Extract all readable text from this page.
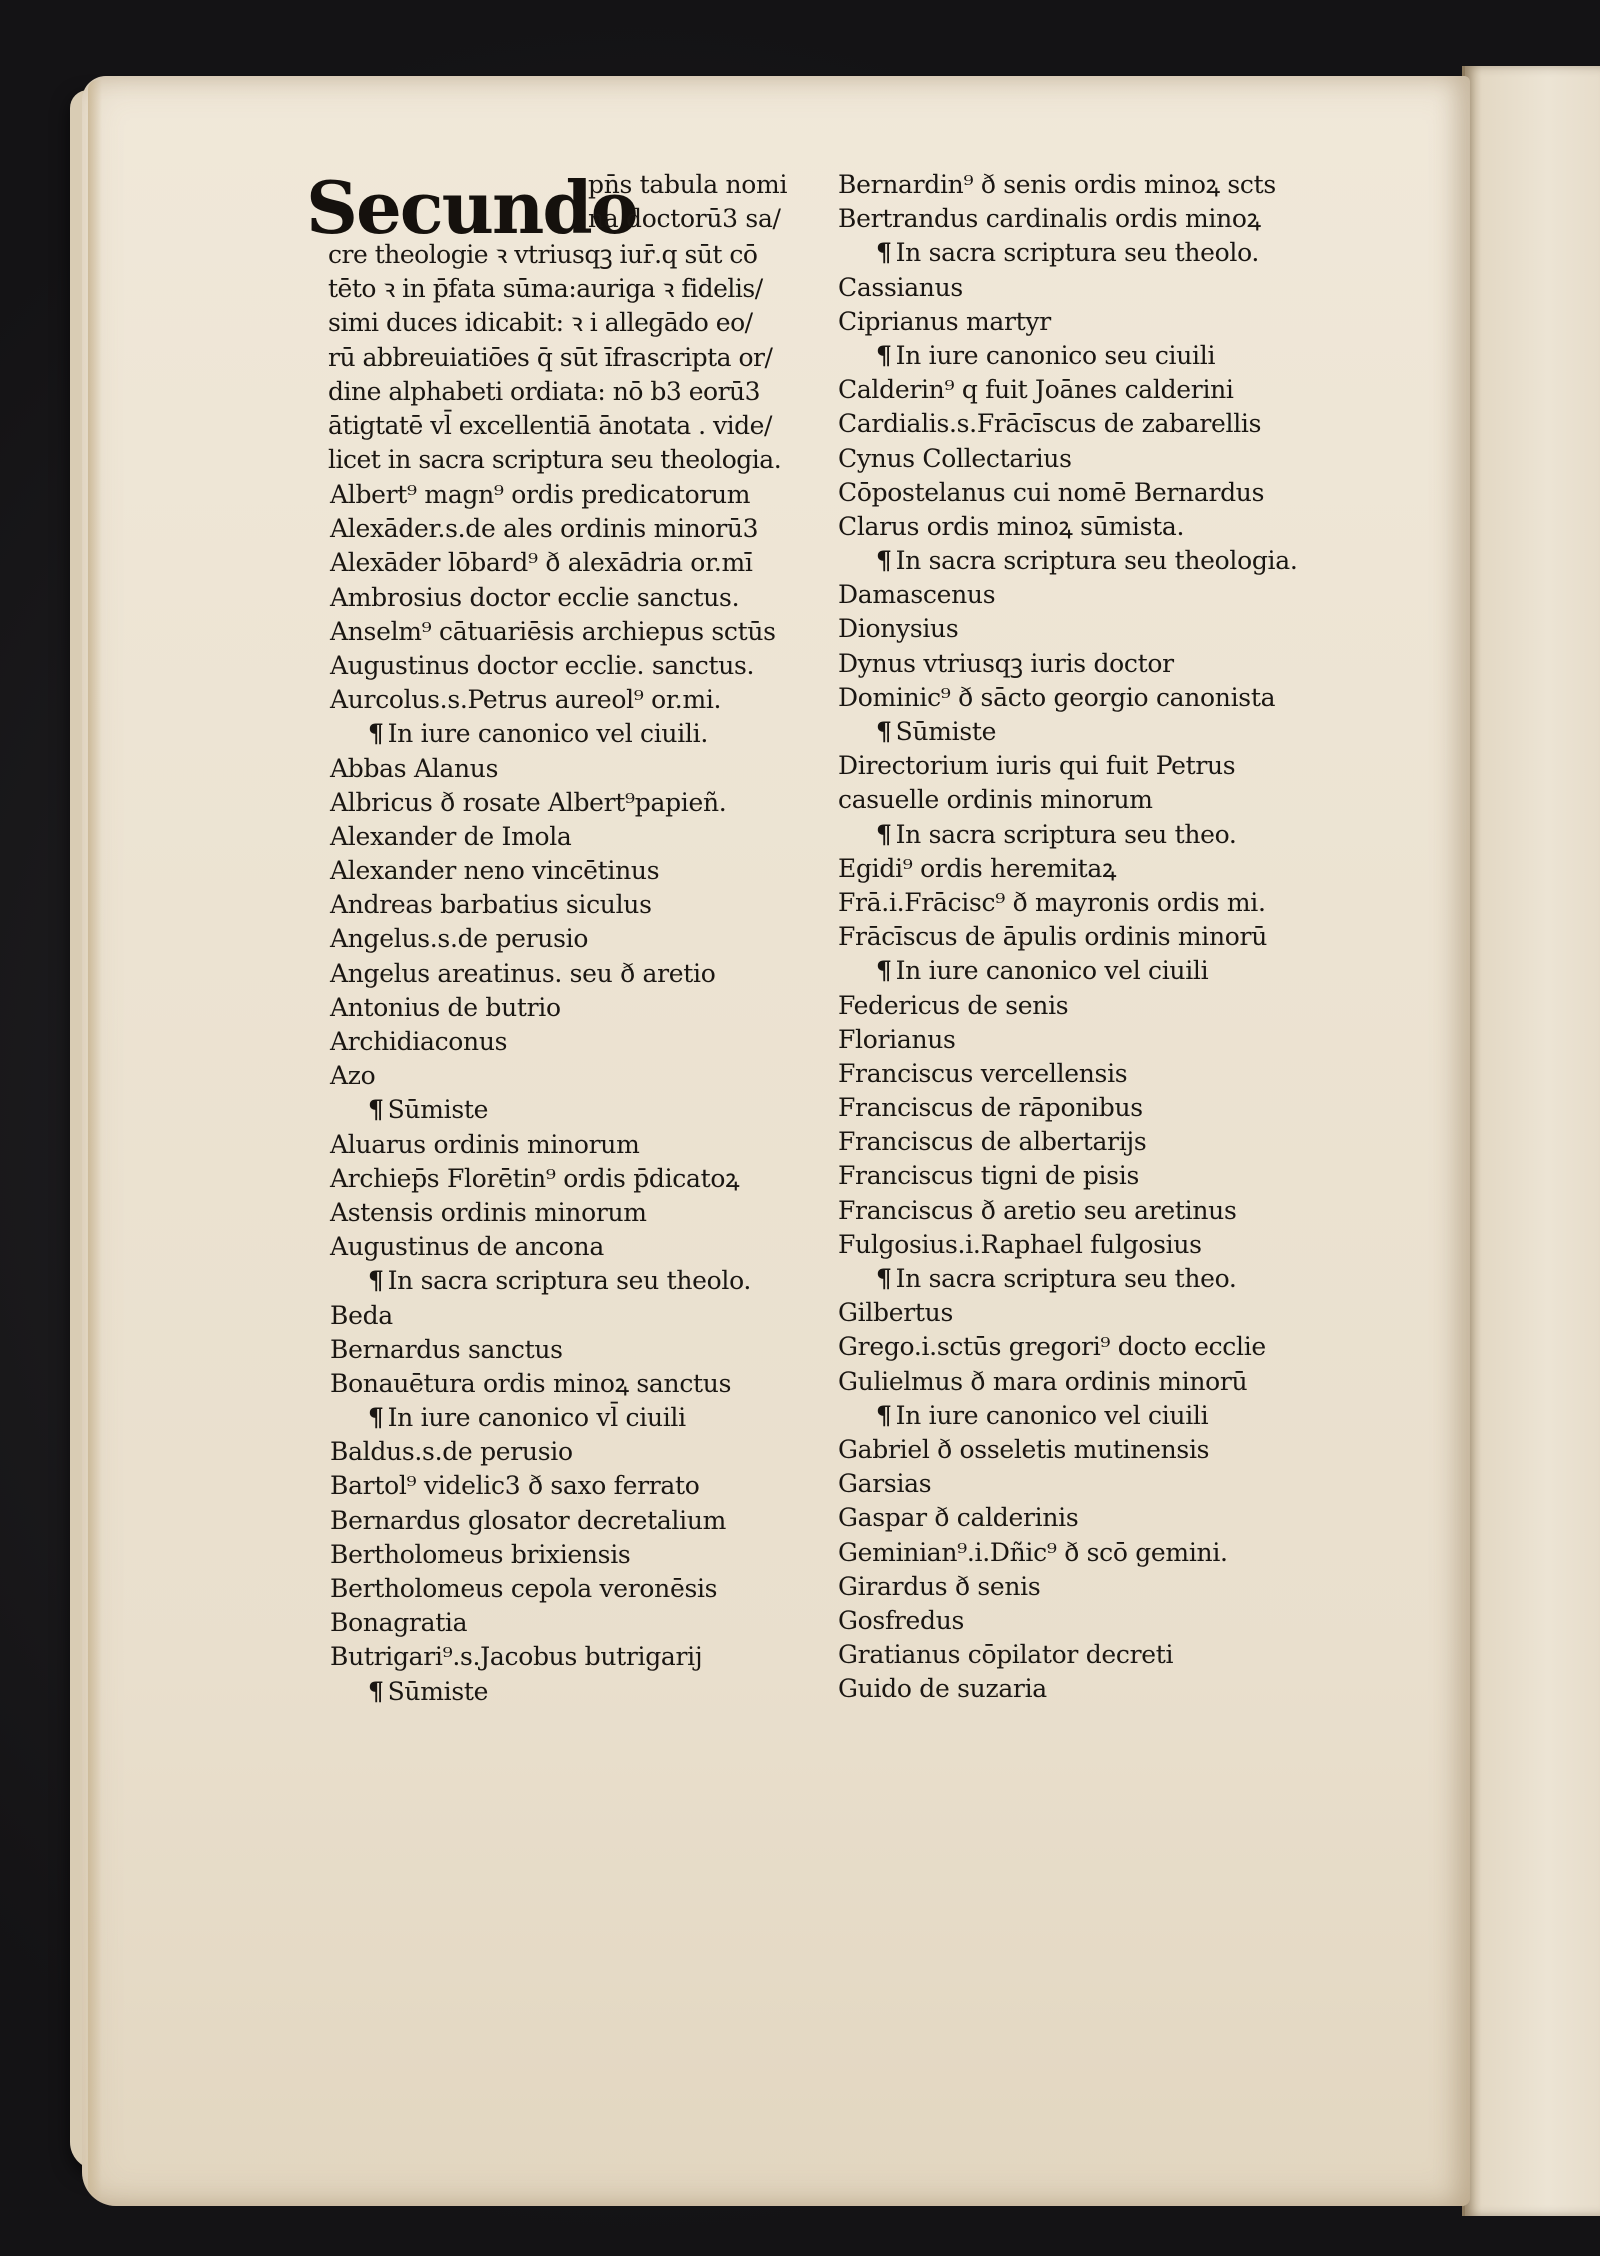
Secundo
pn̄s tabula nomi
na doctorū3 sa/
cre theologie ꝛ vtriusqꝫ iur̄.q sūt cō
tēto ꝛ in p̄fata sūma:auriga ꝛ fidelis/
simi duces idicabit: ꝛ i allegādo eo/
rū abbreuiatiōes q̄ sūt īfrascripta or/
dine alphabeti ordiata: nō b3 eorū3
ātigtatē vl̄ excellentiā ānotata . vide/
licet in sacra scriptura seu theologia.
Albert⁹ magn⁹ ordis predicatorum
Alexāder.s.de ales ordinis minorū3
Alexāder lōbard⁹ ð alexādria or.mī
Ambrosius doctor ecclie sanctus.
Anselm⁹ cātuariēsis archiepus sctūs
Augustinus doctor ecclie. sanctus.
Aurcolus.s.Petrus aureol⁹ or.mi.
¶ In iure canonico vel ciuili.
Abbas Alanus
Albricus ð rosate Albert⁹papieñ.
Alexander de Imola
Alexander neno vincētinus
Andreas barbatius siculus
Angelus.s.de perusio
Angelus areatinus. seu ð aretio
Antonius de butrio
Archidiaconus
Azo
¶ Sūmiste
Aluarus ordinis minorum
Archiep̄s Florētin⁹ ordis p̄dicatoꝝ
Astensis ordinis minorum
Augustinus de ancona
¶ In sacra scriptura seu theolo.
Beda
Bernardus sanctus
Bonauētura ordis minoꝝ sanctus
¶ In iure canonico vl̄ ciuili
Baldus.s.de perusio
Bartol⁹ videlic3 ð saxo ferrato
Bernardus glosator decretalium
Bertholomeus brixiensis
Bertholomeus cepola veronēsis
Bonagratia
Butrigari⁹.s.Jacobus butrigarij
¶ Sūmiste
Bernardin⁹ ð senis ordis minoꝝ scts
Bertrandus cardinalis ordis minoꝝ
¶ In sacra scriptura seu theolo.
Cassianus
Ciprianus martyr
¶ In iure canonico seu ciuili
Calderin⁹ q fuit Joānes calderini
Cardialis.s.Frācīscus de zabarellis
Cynus Collectarius
Cōpostelanus cui nomē Bernardus
Clarus ordis minoꝝ sūmista.
¶ In sacra scriptura seu theologia.
Damascenus
Dionysius
Dynus vtriusqꝫ iuris doctor
Dominic⁹ ð sācto georgio canonista
¶ Sūmiste
Directorium iuris qui fuit Petrus
casuelle ordinis minorum
¶ In sacra scriptura seu theo.
Egidi⁹ ordis heremitaꝝ
Frā.i.Frācisc⁹ ð mayronis ordis mi.
Frācīscus de āpulis ordinis minorū
¶ In iure canonico vel ciuili
Federicus de senis
Florianus
Franciscus vercellensis
Franciscus de rāponibus
Franciscus de albertarijs
Franciscus tigni de pisis
Franciscus ð aretio seu aretinus
Fulgosius.i.Raphael fulgosius
¶ In sacra scriptura seu theo.
Gilbertus
Grego.i.sctūs gregori⁹ docto ecclie
Gulielmus ð mara ordinis minorū
¶ In iure canonico vel ciuili
Gabriel ð osseletis mutinensis
Garsias
Gaspar ð calderinis
Geminian⁹.i.Dñic⁹ ð scō gemini.
Girardus ð senis
Gosfredus
Gratianus cōpilator decreti
Guido de suzaria
